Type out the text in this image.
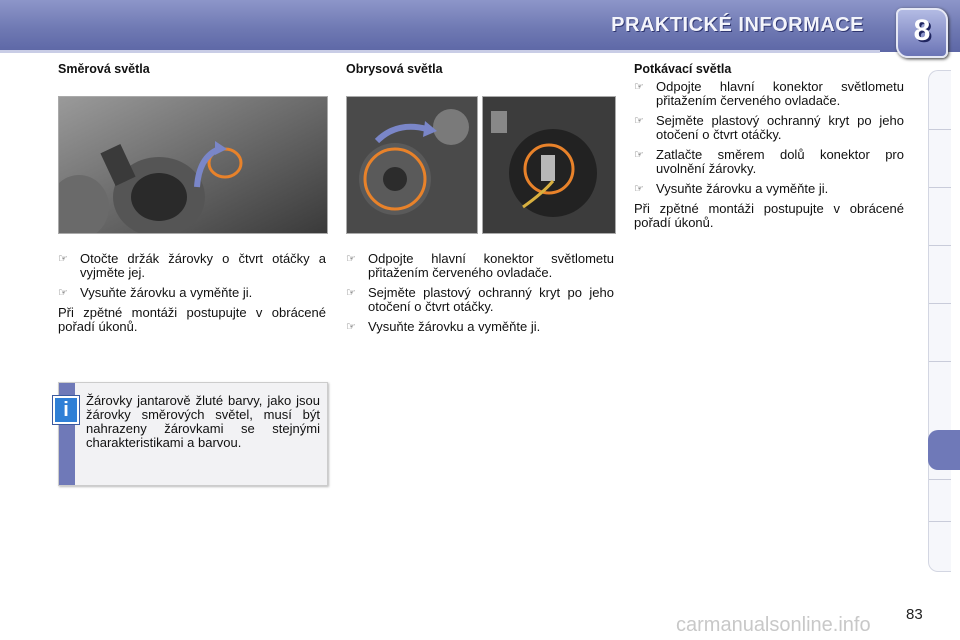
PRAKTICKÉ INFORMACE	8
Směrová světla
☞ Otočte držák žárovky o čtvrt otáčky a vyjměte jej.
☞ Vysuňte žárovku a vyměňte ji.
Při zpětné montáži postupujte v obrácené pořadí úkonů.
Obrysová světla
☞ Odpojte hlavní konektor světlometu přitažením červeného ovladače.
☞ Sejměte plastový ochranný kryt po jeho otočení o čtvrt otáčky.
☞ Vysuňte žárovku a vyměňte ji.
Potkávací světla
☞ Odpojte hlavní konektor světlometu přitažením červeného ovladače.
☞ Sejměte plastový ochranný kryt po jeho otočení o čtvrt otáčky.
☞ Zatlačte směrem dolů konektor pro uvolnění žárovky.
☞ Vysuňte žárovku a vyměňte ji.
Při zpětné montáži postupujte v obrácené pořadí úkonů.
i	Žárovky jantarově žluté barvy, jako jsou žárovky směrových světel, musí být nahrazeny žárovkami se stejnými charakteristikami a barvou.
83
carmanualsonline.info
